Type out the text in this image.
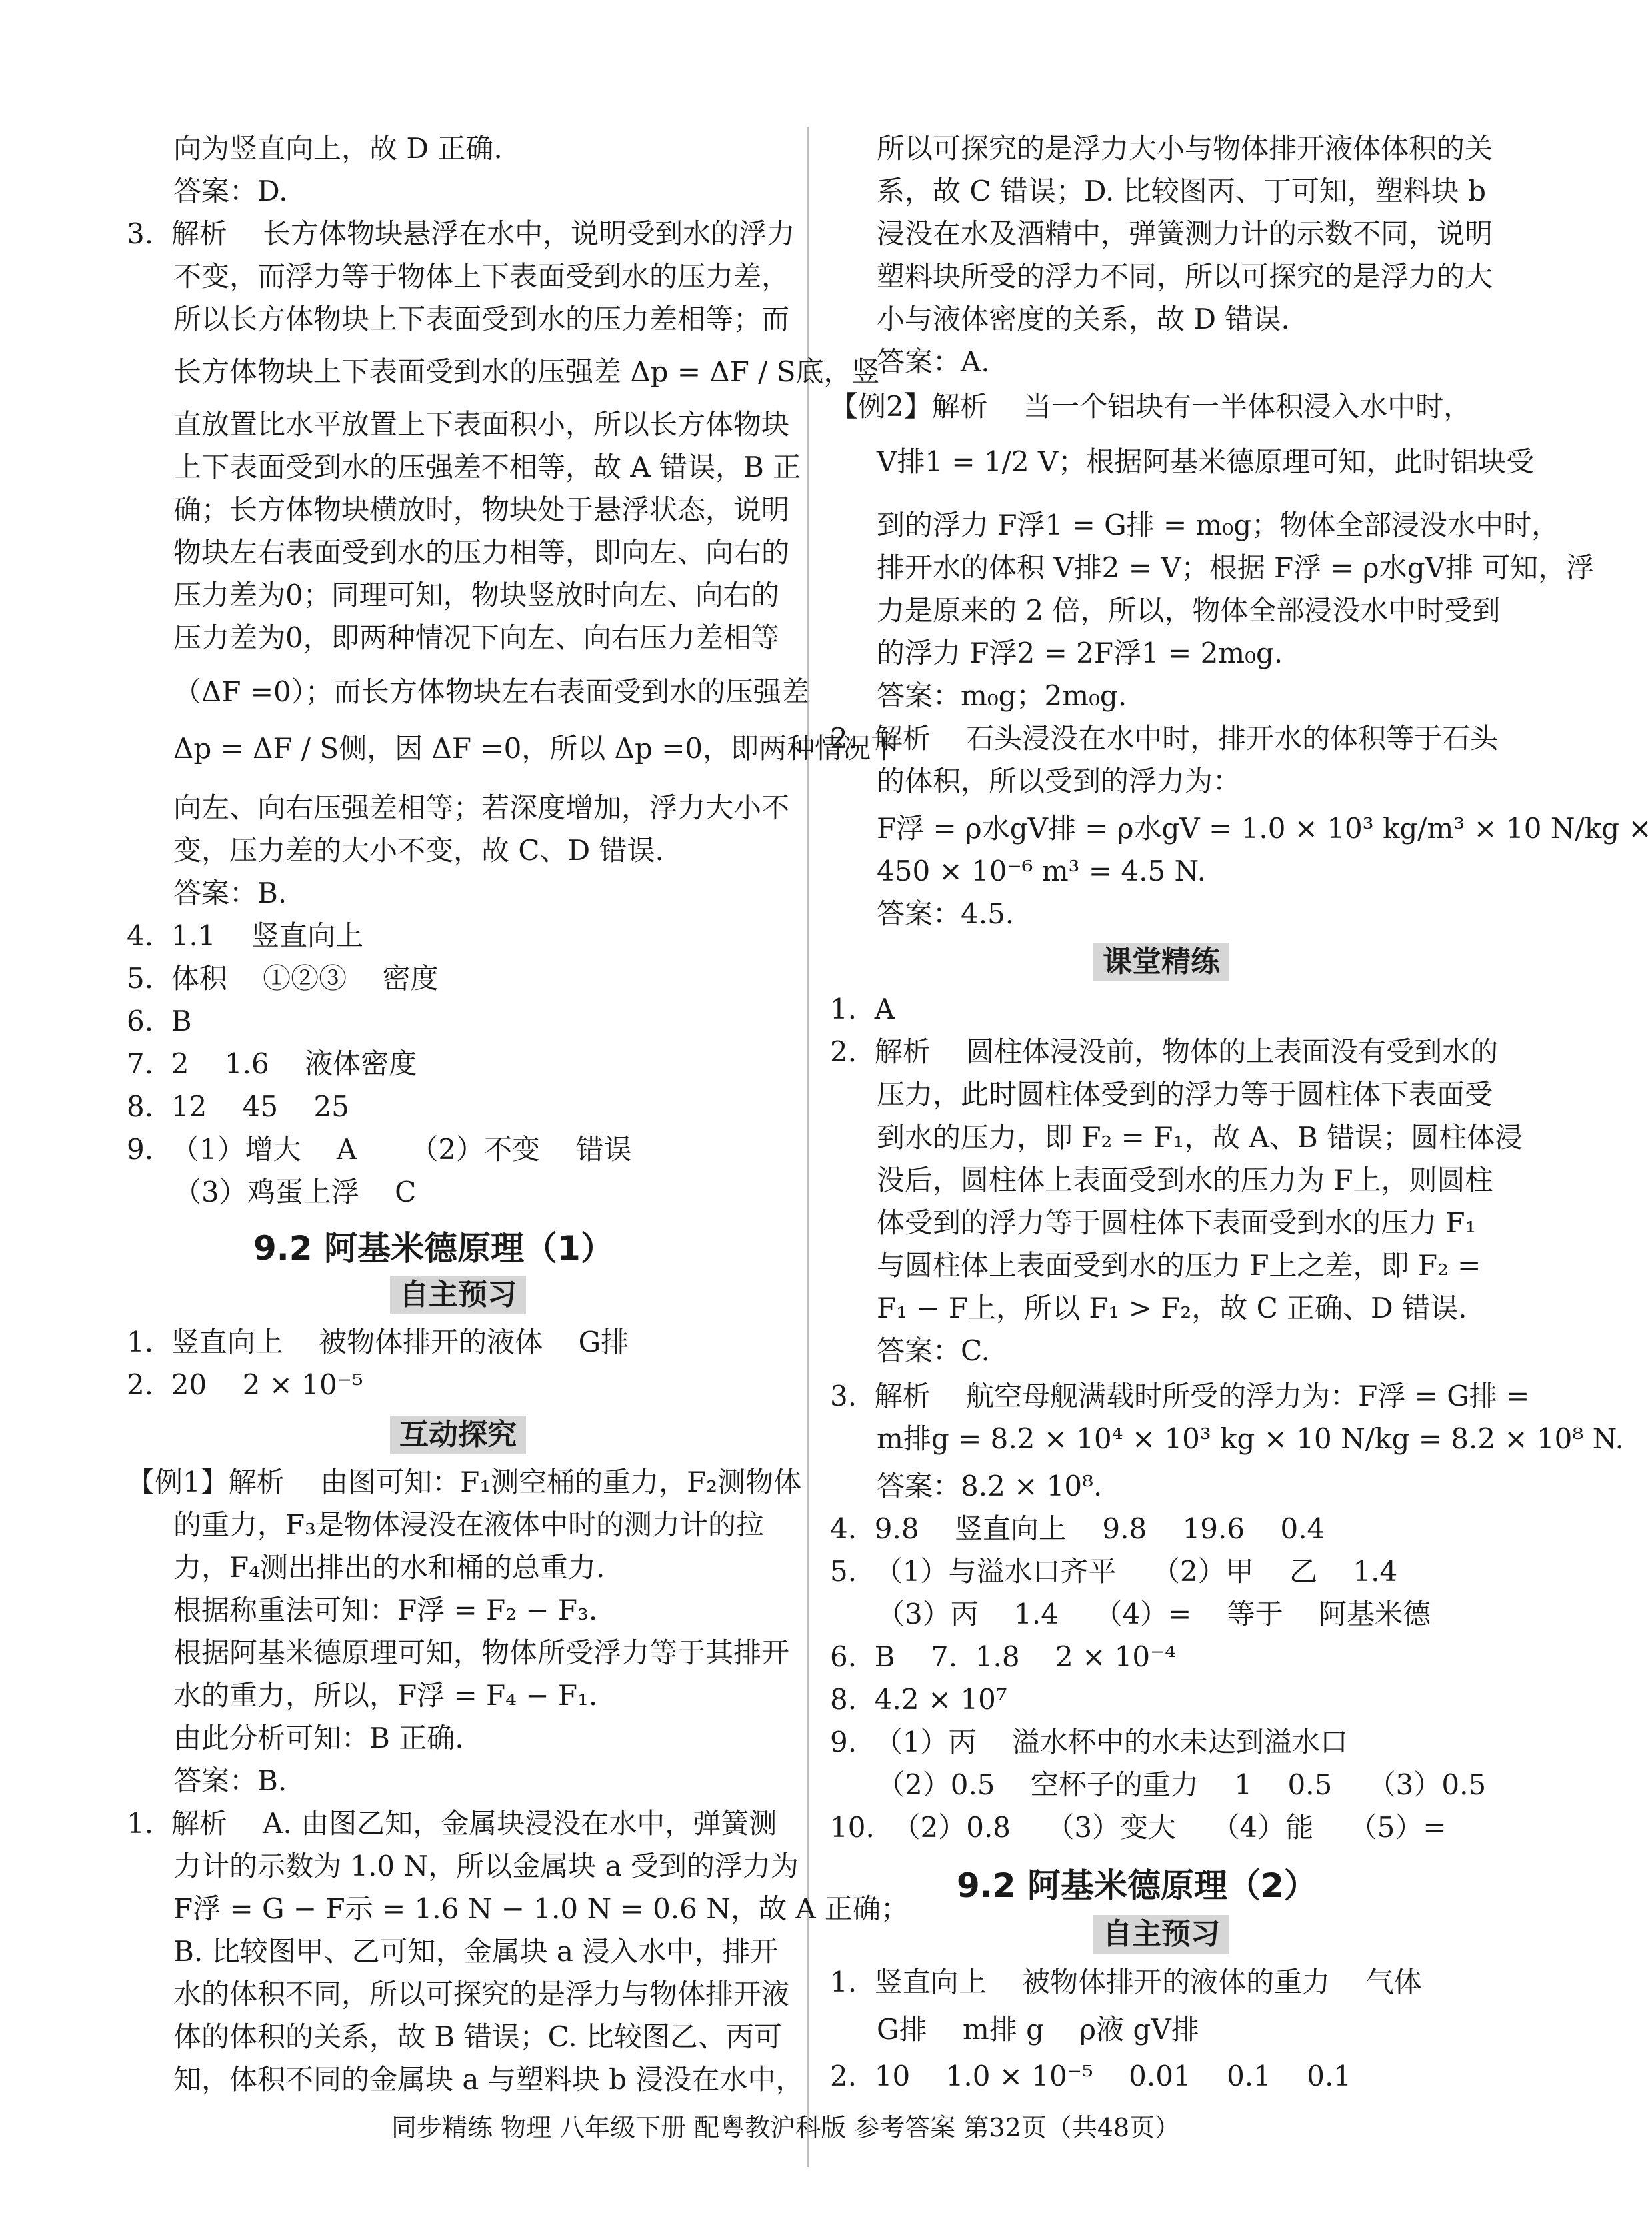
向为竖直向上，故 D 正确.
答案：D.
3.  解析    长方体物块悬浮在水中，说明受到水的浮力
不变，而浮力等于物体上下表面受到水的压力差，
所以长方体物块上下表面受到水的压力差相等；而
长方体物块上下表面受到水的压强差 Δp = ΔF / S底，竖
直放置比水平放置上下表面积小，所以长方体物块
上下表面受到水的压强差不相等，故 A 错误，B 正
确；长方体物块横放时，物块处于悬浮状态，说明
物块左右表面受到水的压力相等，即向左、向右的
压力差为0；同理可知，物块竖放时向左、向右的
压力差为0，即两种情况下向左、向右压力差相等
（ΔF =0）；而长方体物块左右表面受到水的压强差
Δp = ΔF / S侧，因 ΔF =0，所以 Δp =0，即两种情况下
向左、向右压强差相等；若深度增加，浮力大小不
变，压力差的大小不变，故 C、D 错误.
答案：B.
4.  1.1    竖直向上
5.  体积    ①②③    密度
6.  B
7.  2    1.6    液体密度
8.  12    45    25
9.  （1）增大    A      （2）不变    错误
（3）鸡蛋上浮    C
9.2 阿基米德原理（1）
自主预习
1.  竖直向上    被物体排开的液体    G排
2.  20    2 × 10⁻⁵
互动探究
【例1】解析    由图可知：F₁测空桶的重力，F₂测物体
的重力，F₃是物体浸没在液体中时的测力计的拉
力，F₄测出排出的水和桶的总重力.
根据称重法可知：F浮 = F₂ − F₃.
根据阿基米德原理可知，物体所受浮力等于其排开
水的重力，所以，F浮 = F₄ − F₁.
由此分析可知：B 正确.
答案：B.
1.  解析    A. 由图乙知，金属块浸没在水中，弹簧测
力计的示数为 1.0 N，所以金属块 a 受到的浮力为
F浮 = G − F示 = 1.6 N − 1.0 N = 0.6 N，故 A 正确；
B. 比较图甲、乙可知，金属块 a 浸入水中，排开
水的体积不同，所以可探究的是浮力与物体排开液
体的体积的关系，故 B 错误；C. 比较图乙、丙可
知，体积不同的金属块 a 与塑料块 b 浸没在水中，
所以可探究的是浮力大小与物体排开液体体积的关
系，故 C 错误；D. 比较图丙、丁可知，塑料块 b
浸没在水及酒精中，弹簧测力计的示数不同，说明
塑料块所受的浮力不同，所以可探究的是浮力的大
小与液体密度的关系，故 D 错误.
答案：A.
【例2】解析    当一个铝块有一半体积浸入水中时，
V排1 = 1/2 V；根据阿基米德原理可知，此时铝块受
到的浮力 F浮1 = G排 = m₀g；物体全部浸没水中时，
排开水的体积 V排2 = V；根据 F浮 = ρ水gV排 可知，浮
力是原来的 2 倍，所以，物体全部浸没水中时受到
的浮力 F浮2 = 2F浮1 = 2m₀g.
答案：m₀g；2m₀g.
2.  解析    石头浸没在水中时，排开水的体积等于石头
的体积，所以受到的浮力为：
F浮 = ρ水gV排 = ρ水gV = 1.0 × 10³ kg/m³ × 10 N/kg ×
450 × 10⁻⁶ m³ = 4.5 N.
答案：4.5.
课堂精练
1.  A
2.  解析    圆柱体浸没前，物体的上表面没有受到水的
压力，此时圆柱体受到的浮力等于圆柱体下表面受
到水的压力，即 F₂ = F₁，故 A、B 错误；圆柱体浸
没后，圆柱体上表面受到水的压力为 F上，则圆柱
体受到的浮力等于圆柱体下表面受到水的压力 F₁
与圆柱体上表面受到水的压力 F上之差，即 F₂ =
F₁ − F上，所以 F₁ > F₂，故 C 正确、D 错误.
答案：C.
3.  解析    航空母舰满载时所受的浮力为：F浮 = G排 =
m排g = 8.2 × 10⁴ × 10³ kg × 10 N/kg = 8.2 × 10⁸ N.
答案：8.2 × 10⁸.
4.  9.8    竖直向上    9.8    19.6    0.4
5.  （1）与溢水口齐平    （2）甲    乙    1.4
（3）丙    1.4    （4）=    等于    阿基米德
6.  B    7.  1.8    2 × 10⁻⁴
8.  4.2 × 10⁷
9.  （1）丙    溢水杯中的水未达到溢水口
（2）0.5    空杯子的重力    1    0.5    （3）0.5
10.  （2）0.8    （3）变大    （4）能    （5）=
9.2 阿基米德原理（2）
自主预习
1.  竖直向上    被物体排开的液体的重力    气体
G排    m排 g    ρ液 gV排
2.  10    1.0 × 10⁻⁵    0.01    0.1    0.1
同步精练 物理 八年级下册 配粤教沪科版 参考答案 第32页（共48页）
